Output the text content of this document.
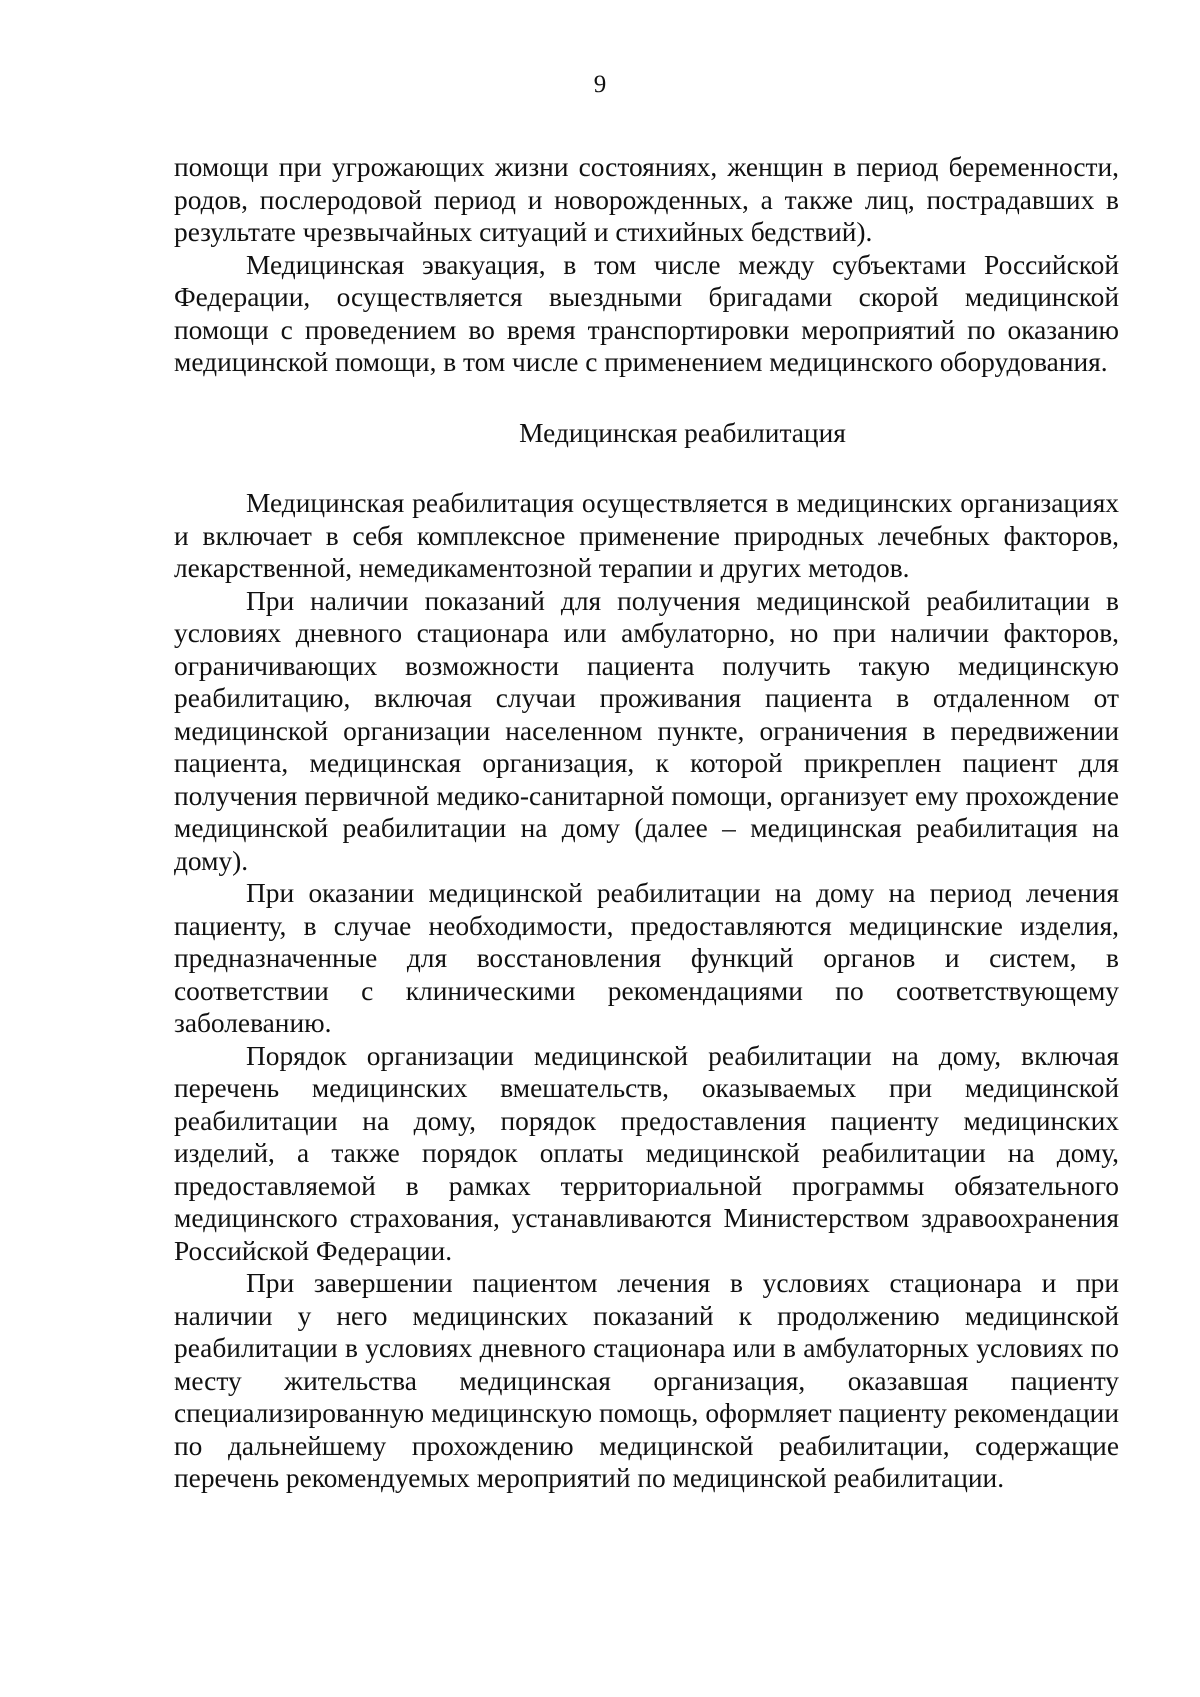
9

помощи при угрожающих жизни состояниях, женщин в период беременности, родов, послеродовой период и новорожденных, а также лиц, пострадавших в результате чрезвычайных ситуаций и стихийных бедствий).

Медицинская эвакуация, в том числе между субъектами Российской Федерации, осуществляется выездными бригадами скорой медицинской помощи с проведением во время транспортировки мероприятий по оказанию медицинской помощи, в том числе с применением медицинского оборудования.

Медицинская реабилитация

Медицинская реабилитация осуществляется в медицинских организациях и включает в себя комплексное применение природных лечебных факторов, лекарственной, немедикаментозной терапии и других методов.

При наличии показаний для получения медицинской реабилитации в условиях дневного стационара или амбулаторно, но при наличии факторов, ограничивающих возможности пациента получить такую медицинскую реабилитацию, включая случаи проживания пациента в отдаленном от медицинской организации населенном пункте, ограничения в передвижении пациента, медицинская организация, к которой прикреплен пациент для получения первичной медико-санитарной помощи, организует ему прохождение медицинской реабилитации на дому (далее – медицинская реабилитация на дому).

При оказании медицинской реабилитации на дому на период лечения пациенту, в случае необходимости, предоставляются медицинские изделия, предназначенные для восстановления функций органов и систем, в соответствии с клиническими рекомендациями по соответствующему заболеванию.

Порядок организации медицинской реабилитации на дому, включая перечень медицинских вмешательств, оказываемых при медицинской реабилитации на дому, порядок предоставления пациенту медицинских изделий, а также порядок оплаты медицинской реабилитации на дому, предоставляемой в рамках территориальной программы обязательного медицинского страхования, устанавливаются Министерством здравоохранения Российской Федерации.

При завершении пациентом лечения в условиях стационара и при наличии у него медицинских показаний к продолжению медицинской реабилитации в условиях дневного стационара или в амбулаторных условиях по месту жительства медицинская организация, оказавшая пациенту специализированную медицинскую помощь, оформляет пациенту рекомендации по дальнейшему прохождению медицинской реабилитации, содержащие перечень рекомендуемых мероприятий по медицинской реабилитации.
